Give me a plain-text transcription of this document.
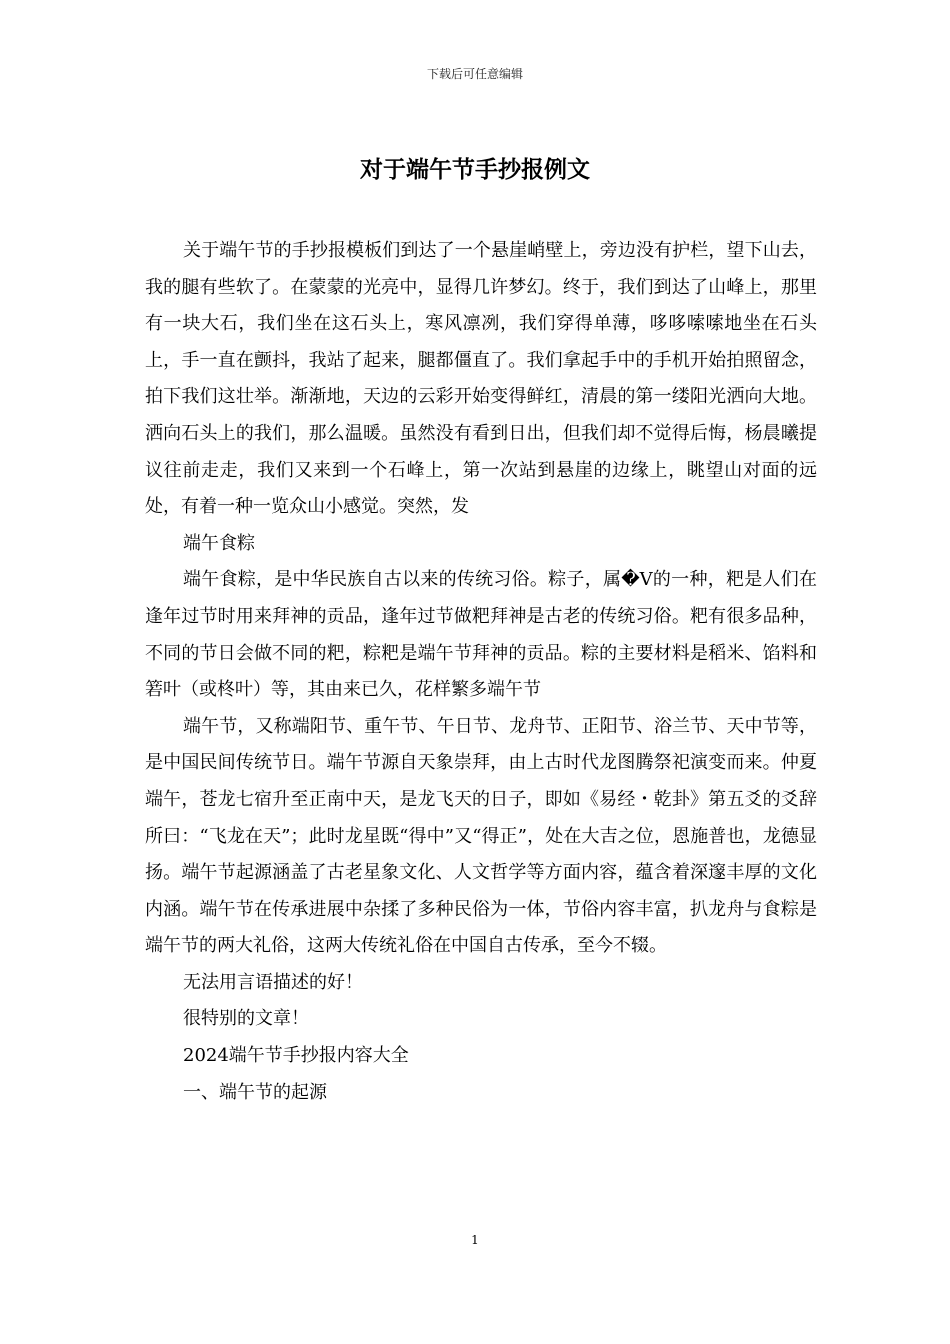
下载后可任意编辑
对于端午节手抄报例文

关于端午节的手抄报模板们到达了一个悬崖峭壁上，旁边没有护栏，望下山去，我的腿有些软了。在蒙蒙的光亮中，显得几许梦幻。终于，我们到达了山峰上，那里有一块大石，我们坐在这石头上，寒风凛冽，我们穿得单薄，哆哆嗦嗦地坐在石头上，手一直在颤抖，我站了起来，腿都僵直了。我们拿起手中的手机开始拍照留念，拍下我们这壮举。渐渐地，天边的云彩开始变得鲜红，清晨的第一缕阳光洒向大地。洒向石头上的我们，那么温暖。虽然没有看到日出，但我们却不觉得后悔，杨晨曦提议往前走走，我们又来到一个石峰上，第一次站到悬崖的边缘上，眺望山对面的远处，有着一种一览众山小感觉。突然，发

端午食粽

端午食粽，是中华民族自古以来的传统习俗。粽子，属�V的一种，粑是人们在逢年过节时用来拜神的贡品，逢年过节做粑拜神是古老的传统习俗。粑有很多品种，不同的节日会做不同的粑，粽粑是端午节拜神的贡品。粽的主要材料是稻米、馅料和箬叶（或柊叶）等，其由来已久，花样繁多端午节

端午节，又称端阳节、重午节、午日节、龙舟节、正阳节、浴兰节、天中节等，是中国民间传统节日。端午节源自天象崇拜，由上古时代龙图腾祭祀演变而来。仲夏端午，苍龙七宿升至正南中天，是龙飞天的日子，即如《易经・乾卦》第五爻的爻辞所曰：“飞龙在天”；此时龙星既“得中”又“得正”，处在大吉之位，恩施普也，龙德显扬。端午节起源涵盖了古老星象文化、人文哲学等方面内容，蕴含着深邃丰厚的文化内涵。端午节在传承进展中杂揉了多种民俗为一体，节俗内容丰富，扒龙舟与食粽是端午节的两大礼俗，这两大传统礼俗在中国自古传承，至今不辍。

无法用言语描述的好！

很特别的文章！

2024端午节手抄报内容大全

一、端午节的起源

1
